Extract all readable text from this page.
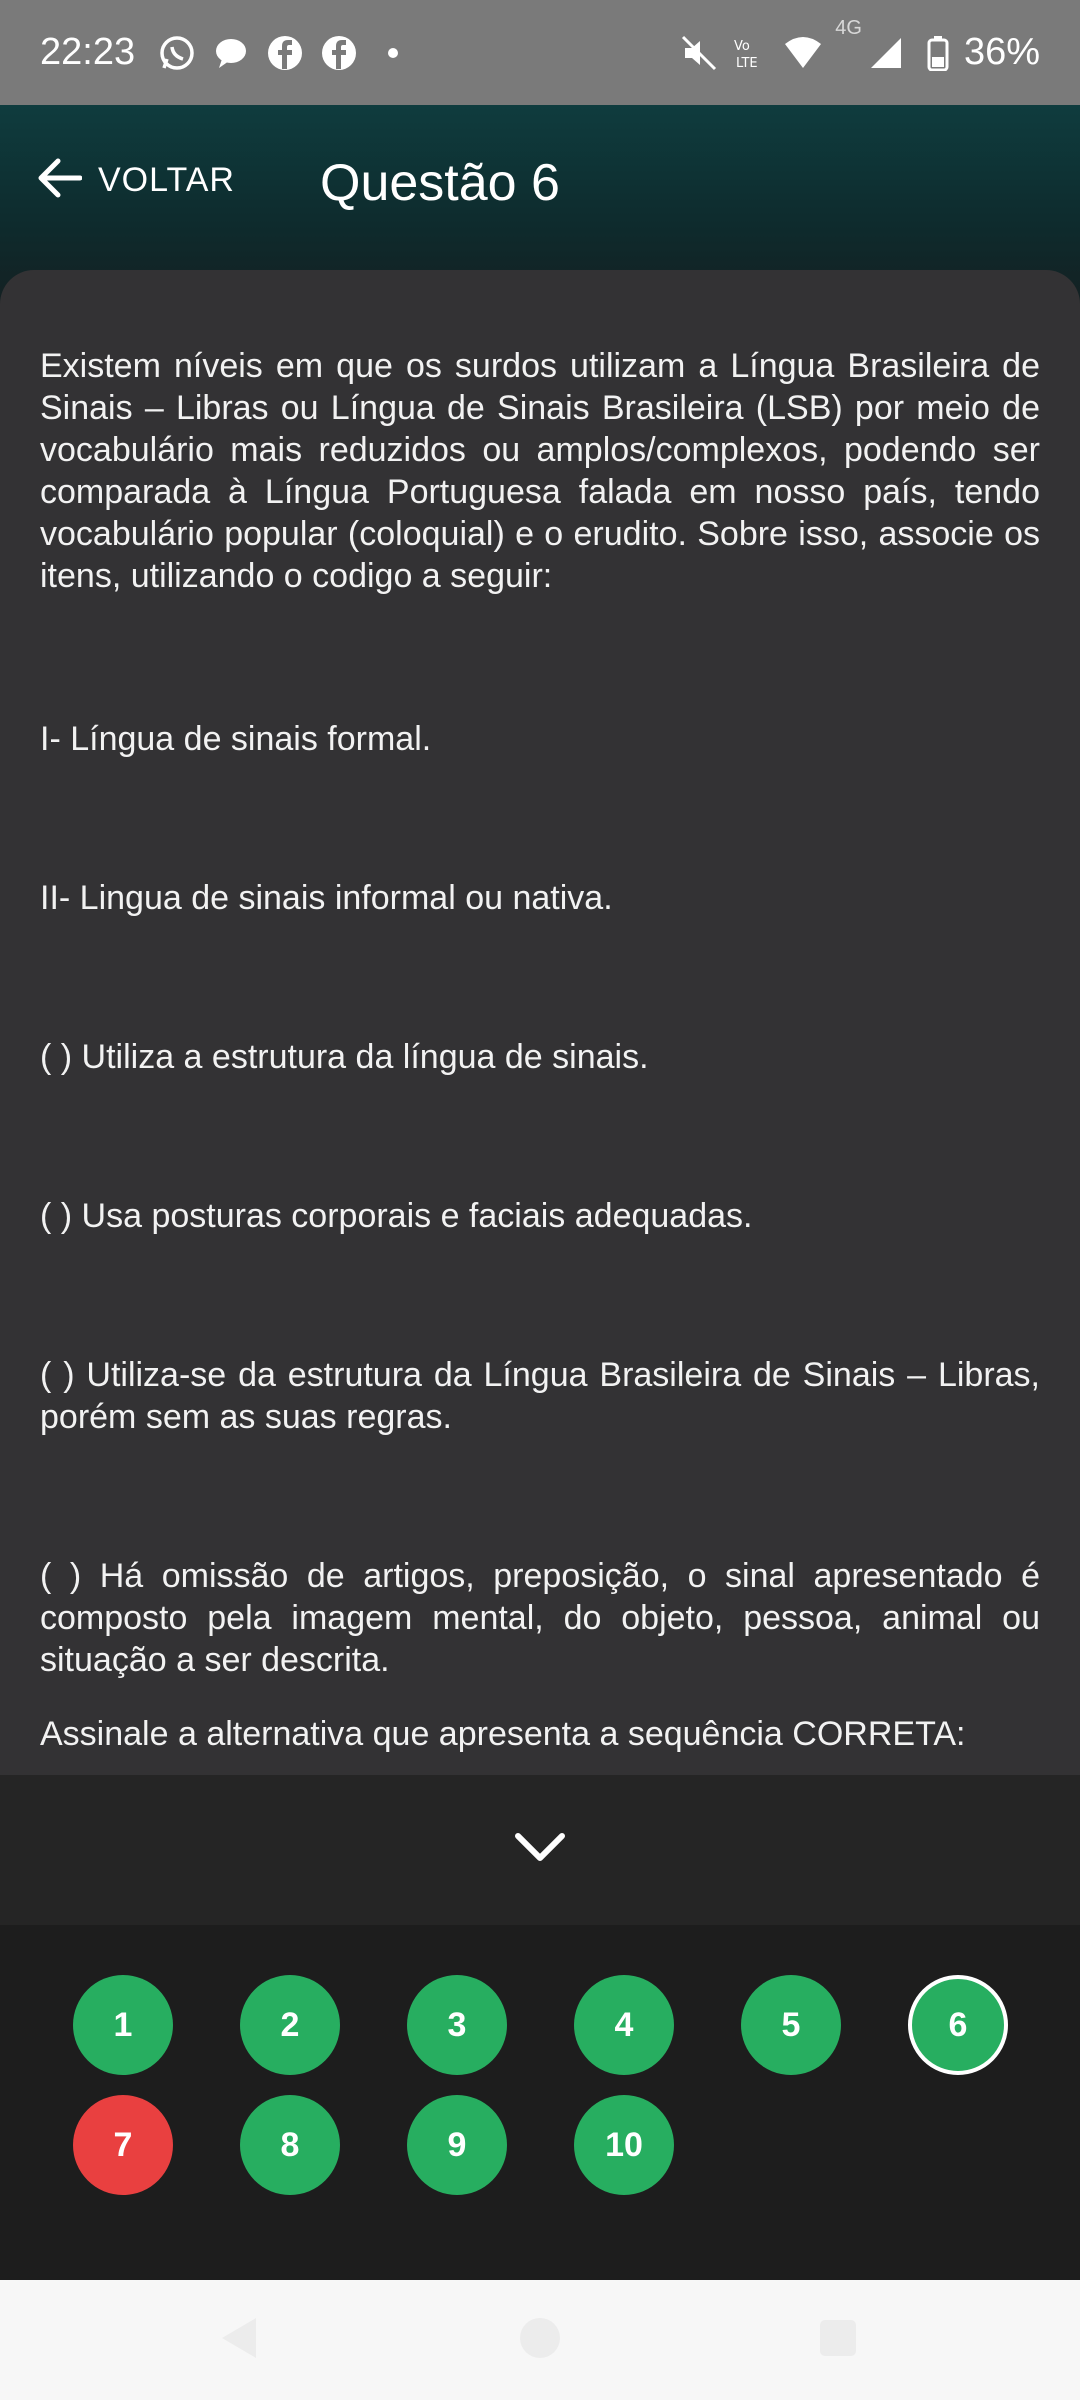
22:23	Vo
LTE
4G
36%
VOLTAR Questão 6
Existem níveis em que os surdos utilizam a Língua Brasileira de Sinais – Libras ou Língua de Sinais Brasileira (LSB) por meio de vocabulário mais reduzidos ou amplos/complexos, podendo ser comparada à Língua Portuguesa falada em nosso país, tendo vocabulário popular (coloquial) e o erudito. Sobre isso, associe os itens, utilizando o codigo a seguir:
I- Língua de sinais formal.
II- Lingua de sinais informal ou nativa.
( ) Utiliza a estrutura da língua de sinais.
( ) Usa posturas corporais e faciais adequadas.
( ) Utiliza-se da estrutura da Língua Brasileira de Sinais – Libras, porém sem as suas regras.
( ) Há omissão de artigos, preposição, o sinal apresentado é composto pela imagem mental, do objeto, pessoa, animal ou situação a ser descrita.
Assinale a alternativa que apresenta a sequência CORRETA:
1	2	3	4	5	6
7	8	9	10
